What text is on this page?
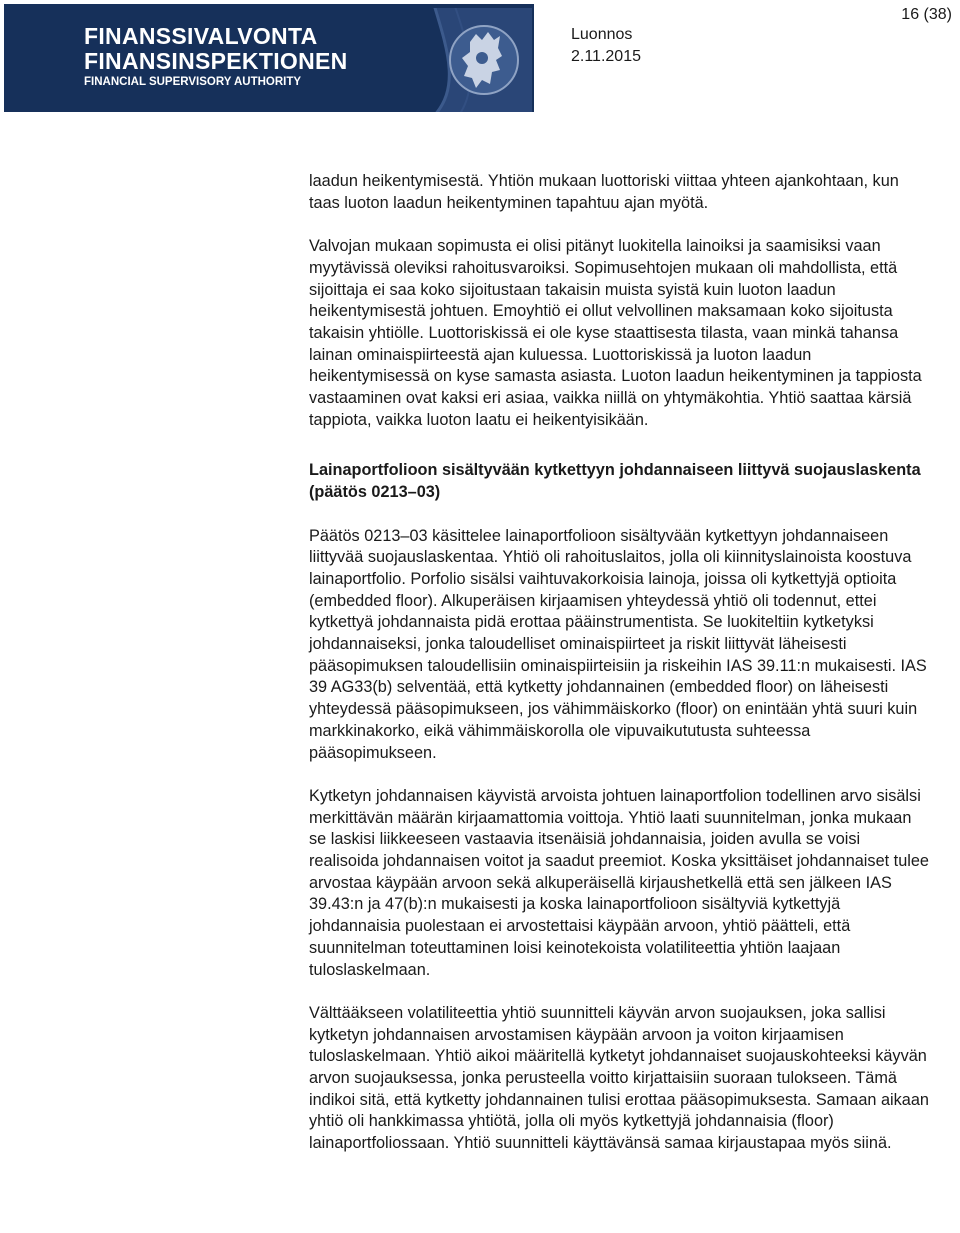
FINANSSIVALVONTA
FINANSINSPEKTIONEN
FINANCIAL SUPERVISORY AUTHORITY
Luonnos
2.11.2015
16 (38)

laadun heikentymisestä. Yhtiön mukaan luottoriski viittaa yhteen ajankohtaan, kun taas luoton laadun heikentyminen tapahtuu ajan myötä.

Valvojan mukaan sopimusta ei olisi pitänyt luokitella lainoiksi ja saamisiksi vaan myytävissä oleviksi rahoitusvaroiksi. Sopimusehtojen mukaan oli mahdollista, että sijoittaja ei saa koko sijoitustaan takaisin muista syistä kuin luoton laadun heikentymisestä johtuen. Emoyhtiö ei ollut velvollinen maksamaan koko sijoitusta takaisin yhtiölle. Luottoriskissä ei ole kyse staattisesta tilasta, vaan minkä tahansa lainan ominaispiirteestä ajan kuluessa. Luottoriskissä ja luoton laadun heikentymisessä on kyse samasta asiasta. Luoton laadun heikentyminen ja tappiosta vastaaminen ovat kaksi eri asiaa, vaikka niillä on yhtymäkohtia. Yhtiö saattaa kärsiä tappiota, vaikka luoton laatu ei heikentyisikään.

Lainaportfolioon sisältyvään kytkettyyn johdannaiseen liittyvä suojauslaskenta (päätös 0213–03)

Päätös 0213–03 käsittelee lainaportfolioon sisältyvään kytkettyyn johdannaiseen liittyvää suojauslaskentaa. Yhtiö oli rahoituslaitos, jolla oli kiinnityslainoista koostuva lainaportfolio. Porfolio sisälsi vaihtuvakorkoisia lainoja, joissa oli kytkettyjä optioita (embedded floor). Alkuperäisen kirjaamisen yhteydessä yhtiö oli todennut, ettei kytkettyä johdannaista pidä erottaa pääinstrumentista. Se luokiteltiin kytketyksi johdannaiseksi, jonka taloudelliset ominaispiirteet ja riskit liittyvät läheisesti pääsopimuksen taloudellisiin ominaispiirteisiin ja riskeihin IAS 39.11:n mukaisesti. IAS 39 AG33(b) selventää, että kytketty johdannainen (embedded floor) on läheisesti yhteydessä pääsopimukseen, jos vähimmäiskorko (floor) on enintään yhtä suuri kuin markkinakorko, eikä vähimmäiskorolla ole vipuvaikututusta suhteessa pääsopimukseen.

Kytketyn johdannaisen käyvistä arvoista johtuen lainaportfolion todellinen arvo sisälsi merkittävän määrän kirjaamattomia voittoja. Yhtiö laati suunnitelman, jonka mukaan se laskisi liikkeeseen vastaavia itsenäisiä johdannaisia, joiden avulla se voisi realisoida johdannaisen voitot ja saadut preemiot. Koska yksittäiset johdannaiset tulee arvostaa käypään arvoon sekä alkuperäisellä kirjaushetkellä että sen jälkeen IAS 39.43:n ja 47(b):n mukaisesti ja koska lainaportfolioon sisältyviä kytkettyjä johdannaisia puolestaan ei arvostettaisi käypään arvoon, yhtiö päätteli, että suunnitelman toteuttaminen loisi keinotekoista volatiliteettia yhtiön laajaan tuloslaskelmaan.

Välttääkseen volatiliteettia yhtiö suunnitteli käyvän arvon suojauksen, joka sallisi kytketyn johdannaisen arvostamisen käypään arvoon ja voiton kirjaamisen tuloslaskelmaan. Yhtiö aikoi määritellä kytketyt johdannaiset suojauskohteeksi käyvän arvon suojauksessa, jonka perusteella voitto kirjattaisiin suoraan tulokseen. Tämä indikoi sitä, että kytketty johdannainen tulisi erottaa pääsopimuksesta. Samaan aikaan yhtiö oli hankkimassa yhtiötä, jolla oli myös kytkettyjä johdannaisia (floor) lainaportfoliossaan. Yhtiö suunnitteli käyttävänsä samaa kirjaustapaa myös siinä.
